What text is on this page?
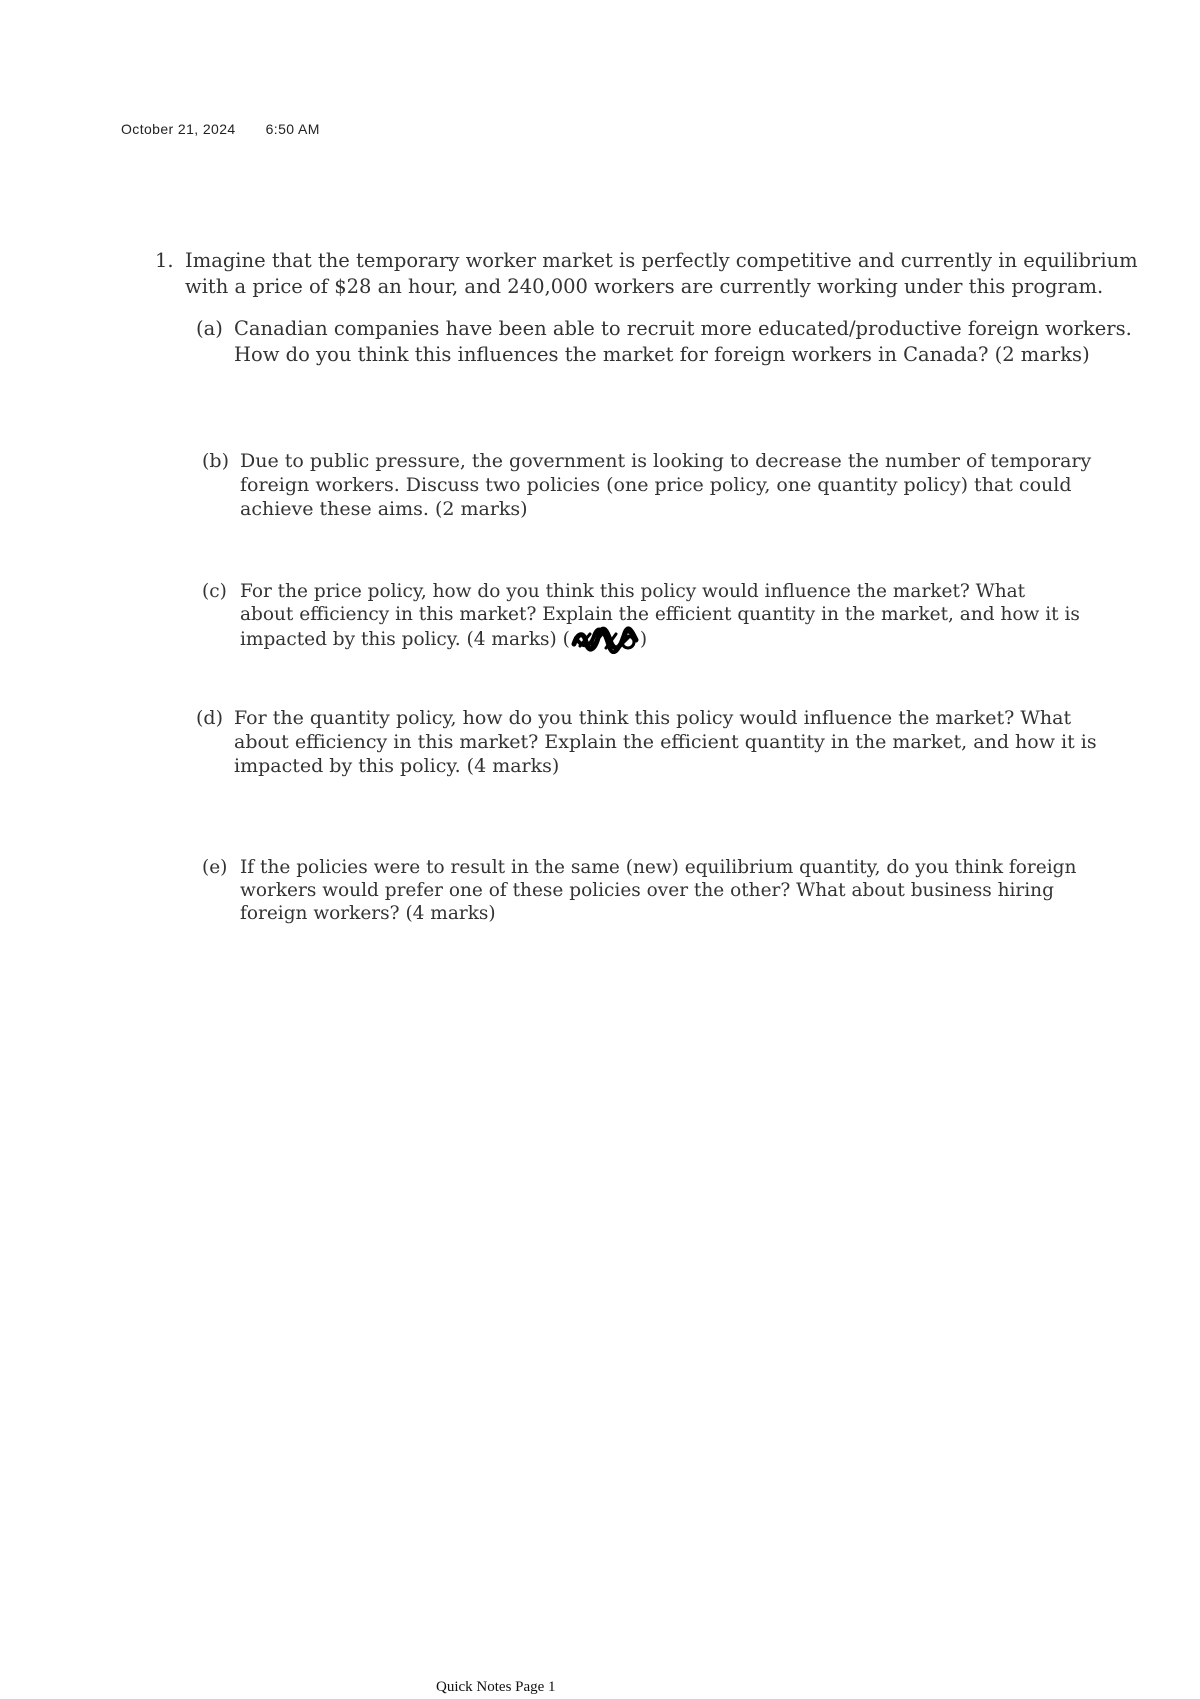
October 21, 2024 6:50 AM
1. Imagine that the temporary worker market is perfectly competitive and currently in equilibrium with a price of $28 an hour, and 240,000 workers are currently working under this program.
(a) Canadian companies have been able to recruit more educated/productive foreign workers. How do you think this influences the market for foreign workers in Canada? (2 marks)
(b) Due to public pressure, the government is looking to decrease the number of temporary foreign workers. Discuss two policies (one price policy, one quantity policy) that could achieve these aims. (2 marks)
(c) For the price policy, how do you think this policy would influence the market? What about efficiency in this market? Explain the efficient quantity in the market, and how it is impacted by this policy. (4 marks) (	)
(d) For the quantity policy, how do you think this policy would influence the market? What about efficiency in this market? Explain the efficient quantity in the market, and how it is impacted by this policy. (4 marks)
(e) If the policies were to result in the same (new) equilibrium quantity, do you think foreign workers would prefer one of these policies over the other? What about business hiring foreign workers? (4 marks)
Quick Notes Page 1
